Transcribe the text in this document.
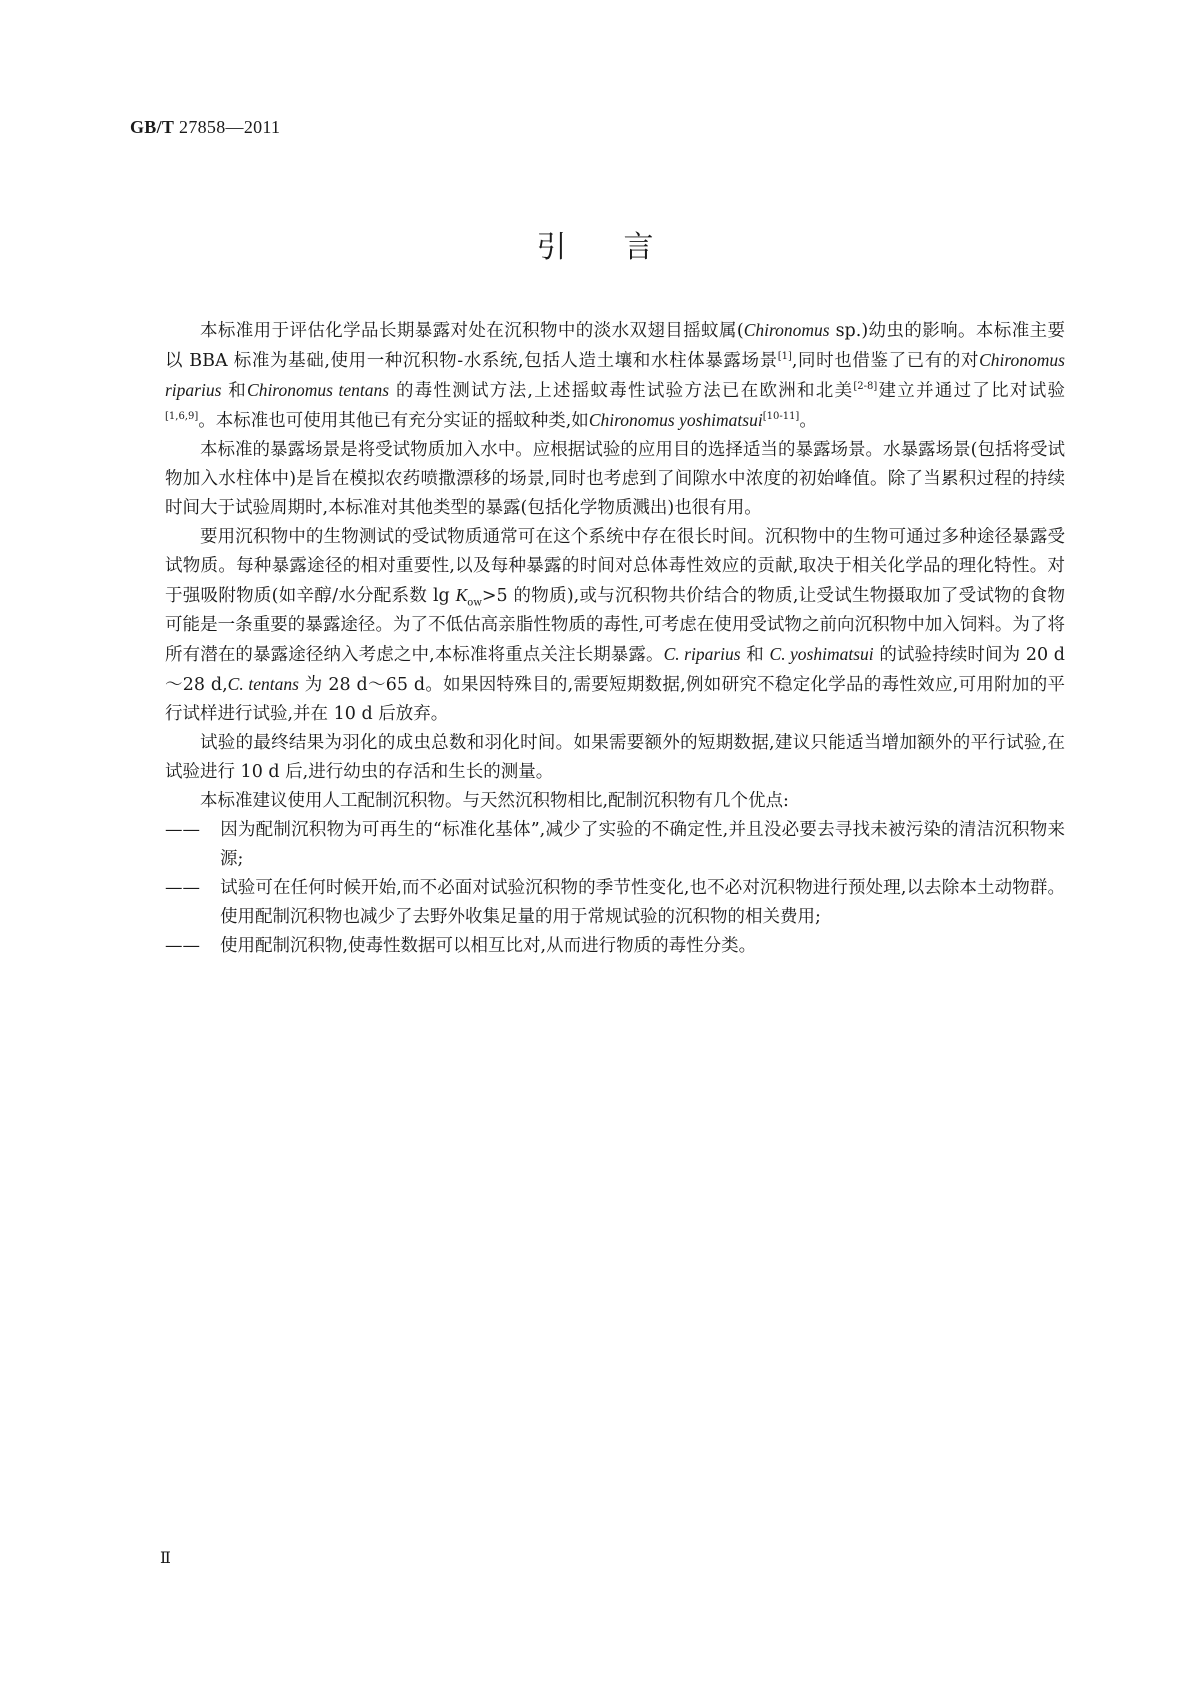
GB/T 27858—2011
引 言

本标准用于评估化学品长期暴露对处在沉积物中的淡水双翅目摇蚊属(Chironomus sp.)幼虫的影响。本标准主要以 BBA 标准为基础,使用一种沉积物-水系统,包括人造土壤和水柱体暴露场景[1],同时也借鉴了已有的对Chironomus riparius 和Chironomus tentans 的毒性测试方法,上述摇蚊毒性试验方法已在欧洲和北美[2-8]建立并通过了比对试验[1,6,9]。本标准也可使用其他已有充分实证的摇蚊种类,如Chironomus yoshimatsui[10-11]。

本标准的暴露场景是将受试物质加入水中。应根据试验的应用目的选择适当的暴露场景。水暴露场景(包括将受试物加入水柱体中)是旨在模拟农药喷撒漂移的场景,同时也考虑到了间隙水中浓度的初始峰值。除了当累积过程的持续时间大于试验周期时,本标准对其他类型的暴露(包括化学物质溅出)也很有用。

要用沉积物中的生物测试的受试物质通常可在这个系统中存在很长时间。沉积物中的生物可通过多种途径暴露受试物质。每种暴露途径的相对重要性,以及每种暴露的时间对总体毒性效应的贡献,取决于相关化学品的理化特性。对于强吸附物质(如辛醇/水分配系数 $\lg K_{ow}>5$ 的物质),或与沉积物共价结合的物质,让受试生物摄取加了受试物的食物可能是一条重要的暴露途径。为了不低估高亲脂性物质的毒性,可考虑在使用受试物之前向沉积物中加入饲料。为了将所有潜在的暴露途径纳入考虑之中,本标准将重点关注长期暴露。C. riparius 和 C. yoshimatsui 的试验持续时间为 20 d～28 d,C. tentans 为 28 d～65 d。如果因特殊目的,需要短期数据,例如研究不稳定化学品的毒性效应,可用附加的平行试样进行试验,并在 10 d 后放弃。

试验的最终结果为羽化的成虫总数和羽化时间。如果需要额外的短期数据,建议只能适当增加额外的平行试验,在试验进行 10 d 后,进行幼虫的存活和生长的测量。

本标准建议使用人工配制沉积物。与天然沉积物相比,配制沉积物有几个优点:

—— 因为配制沉积物为可再生的“标准化基体”,减少了实验的不确定性,并且没必要去寻找未被污染的清洁沉积物来源;
—— 试验可在任何时候开始,而不必面对试验沉积物的季节性变化,也不必对沉积物进行预处理,以去除本土动物群。使用配制沉积物也减少了去野外收集足量的用于常规试验的沉积物的相关费用;
—— 使用配制沉积物,使毒性数据可以相互比对,从而进行物质的毒性分类。
Ⅱ
